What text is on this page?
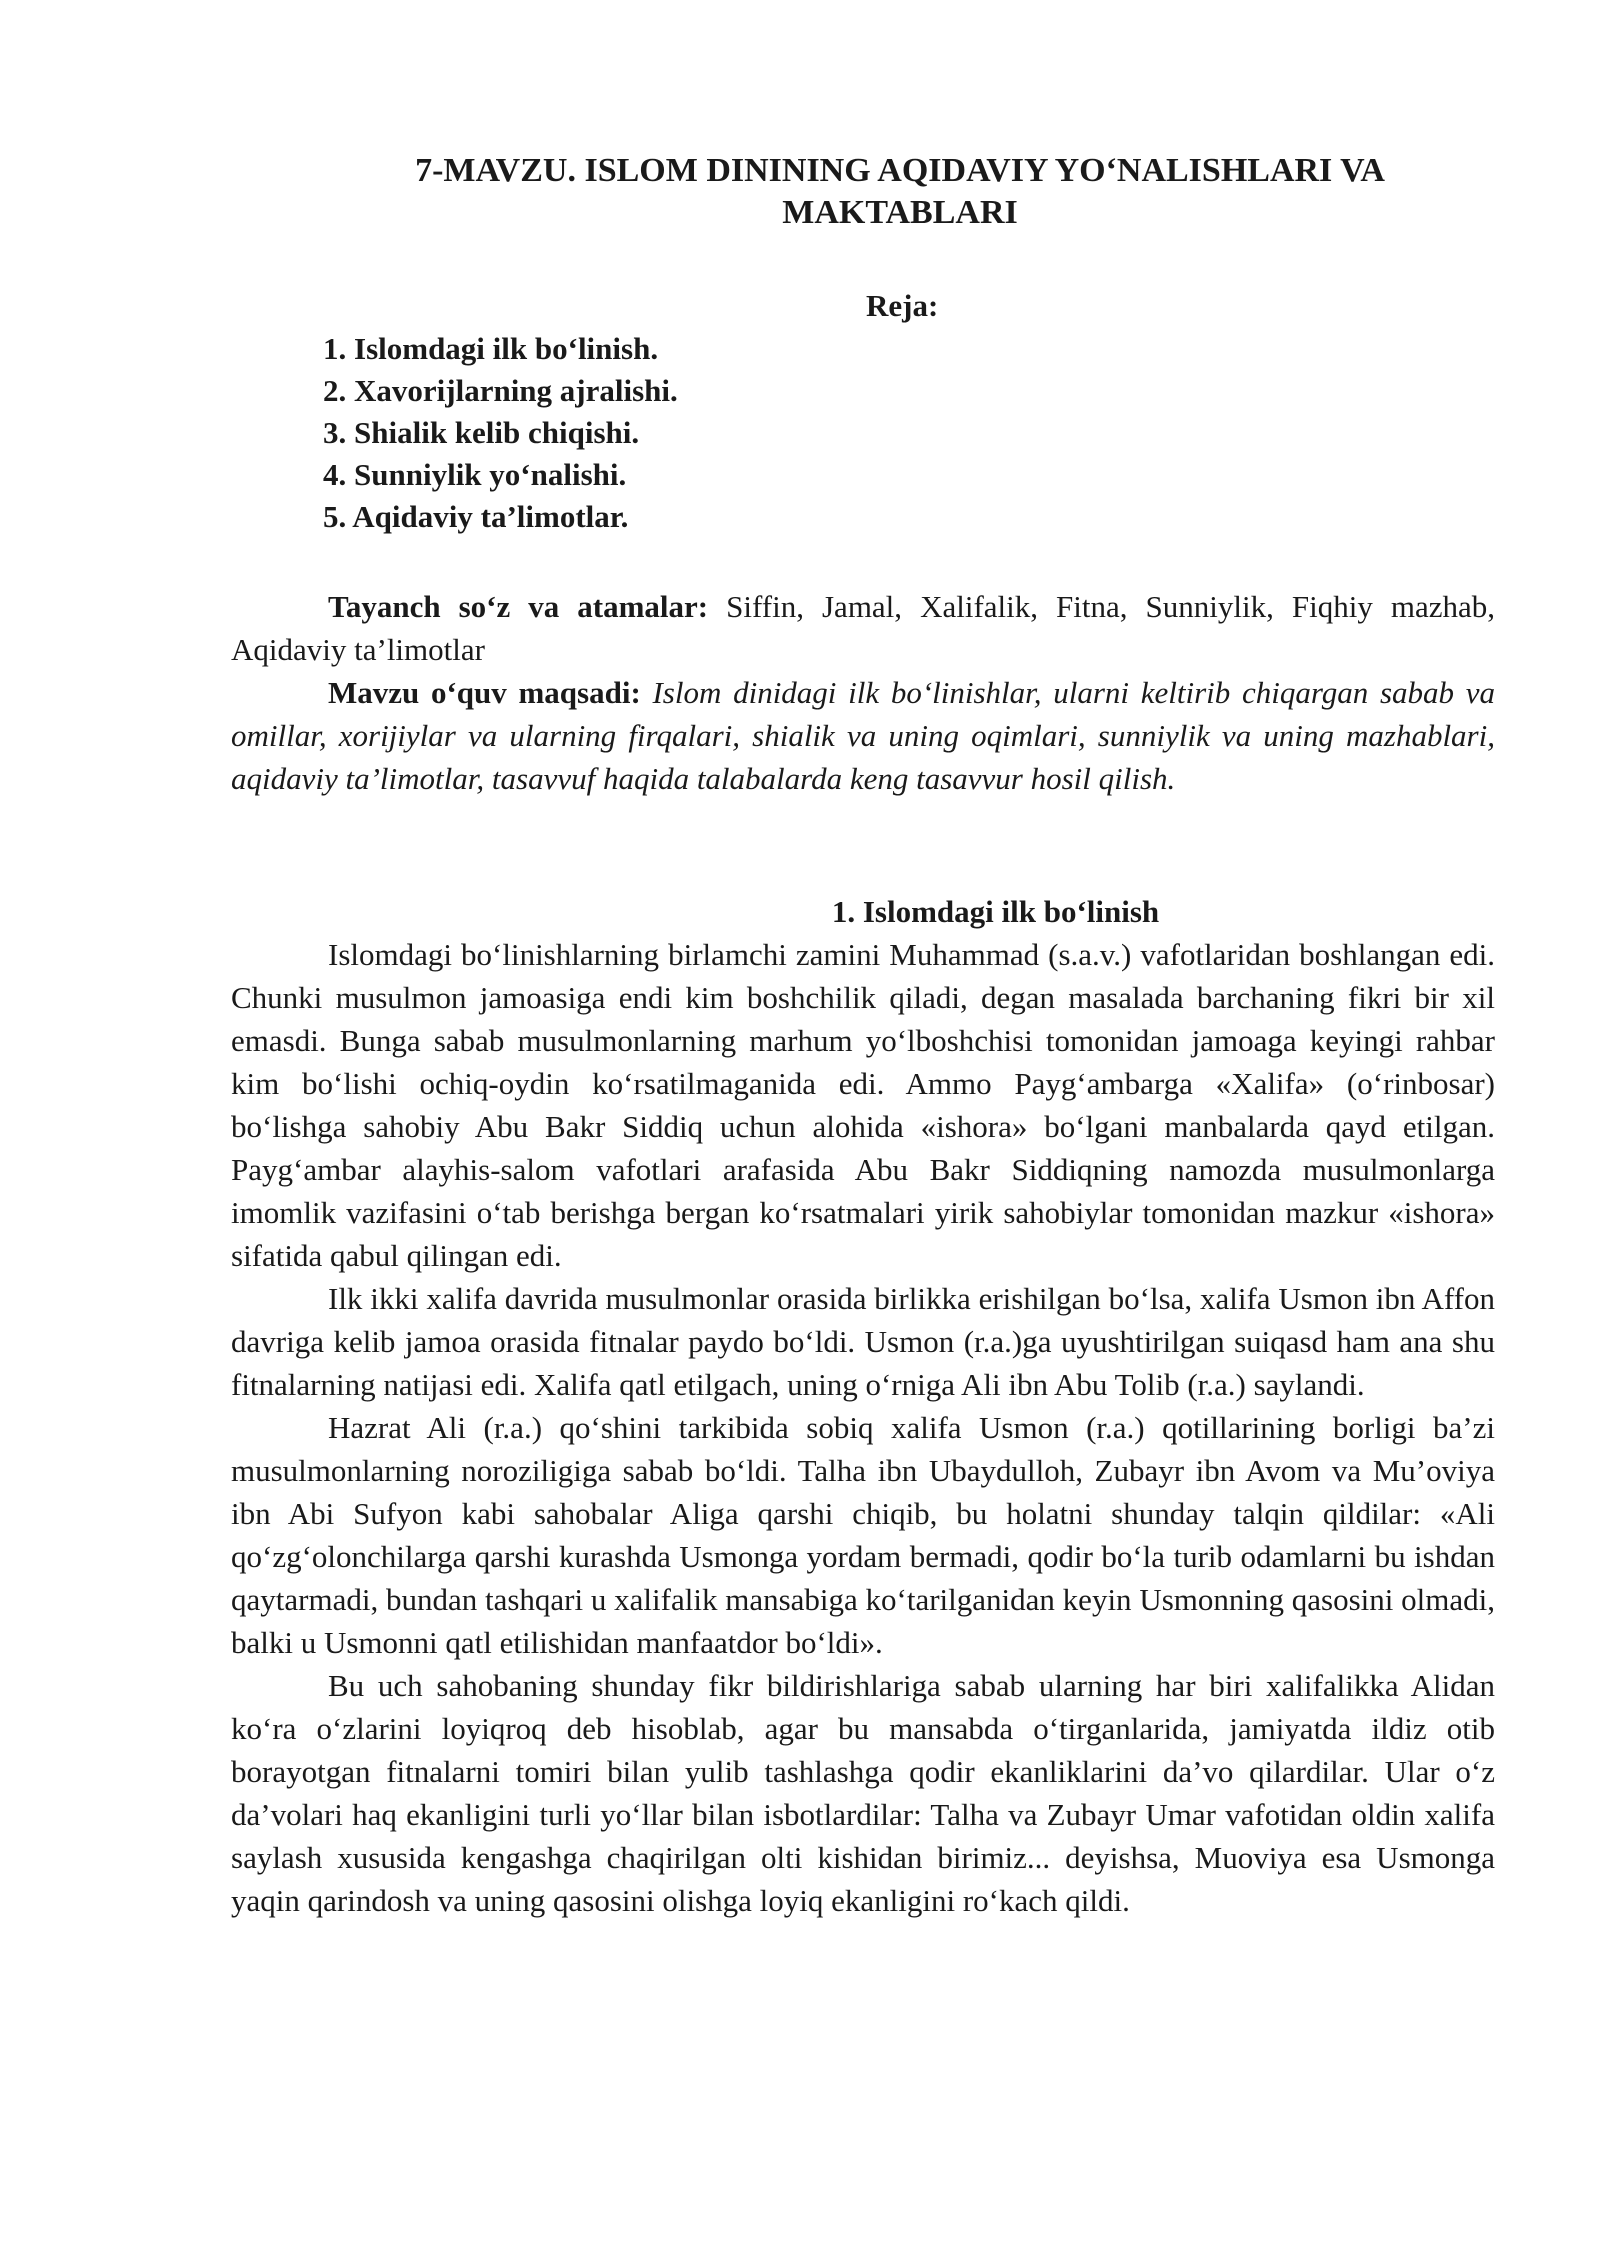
7-MAVZU. ISLOM DININING AQIDAVIY YO‘NALISHLARI VA MAKTABLARI

Reja:

1. Islomdagi ilk bo‘linish.
2. Xavorijlarning ajralishi.
3. Shialik kelib chiqishi.
4. Sunniylik yo‘nalishi.
5. Aqidaviy ta’limotlar.

Tayanch so‘z va atamalar: Siffin, Jamal, Xalifalik, Fitna, Sunniylik, Fiqhiy mazhab, Aqidaviy ta’limotlar

Mavzu o‘quv maqsadi: Islom dinidagi ilk bo‘linishlar, ularni keltirib chiqargan sabab va omillar, xorijiylar va ularning firqalari, shialik va uning oqimlari, sunniylik va uning mazhablari, aqidaviy ta’limotlar, tasavvuf haqida talabalarda keng tasavvur hosil qilish.

1. Islomdagi ilk bo‘linish

Islomdagi bo‘linishlarning birlamchi zamini Muhammad (s.a.v.) vafotlaridan boshlangan edi. Chunki musulmon jamoasiga endi kim boshchilik qiladi, degan masalada barchaning fikri bir xil emasdi. Bunga sabab musulmonlarning marhum yo‘lboshchisi tomonidan jamoaga keyingi rahbar kim bo‘lishi ochiq-oydin ko‘rsatilmaganida edi. Ammo Payg‘ambarga «Xalifa» (o‘rinbosar) bo‘lishga sahobiy Abu Bakr Siddiq uchun alohida «ishora» bo‘lgani manbalarda qayd etilgan. Payg‘ambar alayhis-salom vafotlari arafasida Abu Bakr Siddiqning namozda musulmonlarga imomlik vazifasini o‘tab berishga bergan ko‘rsatmalari yirik sahobiylar tomonidan mazkur «ishora» sifatida qabul qilingan edi.

Ilk ikki xalifa davrida musulmonlar orasida birlikka erishilgan bo‘lsa, xalifa Usmon ibn Affon davriga kelib jamoa orasida fitnalar paydo bo‘ldi. Usmon (r.a.)ga uyushtirilgan suiqasd ham ana shu fitnalarning natijasi edi. Xalifa qatl etilgach, uning o‘rniga Ali ibn Abu Tolib (r.a.) saylandi.

Hazrat Ali (r.a.) qo‘shini tarkibida sobiq xalifa Usmon (r.a.) qotillarining borligi ba’zi musulmonlarning noroziligiga sabab bo‘ldi. Talha ibn Ubaydulloh, Zubayr ibn Avom va Mu’oviya ibn Abi Sufyon kabi sahobalar Aliga qarshi chiqib, bu holatni shunday talqin qildilar: «Ali qo‘zg‘olonchilarga qarshi kurashda Usmonga yordam bermadi, qodir bo‘la turib odamlarni bu ishdan qaytarmadi, bundan tashqari u xalifalik mansabiga ko‘tarilganidan keyin Usmonning qasosini olmadi, balki u Usmonni qatl etilishidan manfaatdor bo‘ldi».

Bu uch sahobaning shunday fikr bildirishlariga sabab ularning har biri xalifalikka Alidan ko‘ra o‘zlarini loyiqroq deb hisoblab, agar bu mansabda o‘tirganlarida, jamiyatda ildiz otib borayotgan fitnalarni tomiri bilan yulib tashlashga qodir ekanliklarini da’vo qilardilar. Ular o‘z da’volari haq ekanligini turli yo‘llar bilan isbotlardilar: Talha va Zubayr Umar vafotidan oldin xalifa saylash xususida kengashga chaqirilgan olti kishidan birimiz... deyishsa, Muoviya esa Usmonga yaqin qarindosh va uning qasosini olishga loyiq ekanligini ro‘kach qildi.
